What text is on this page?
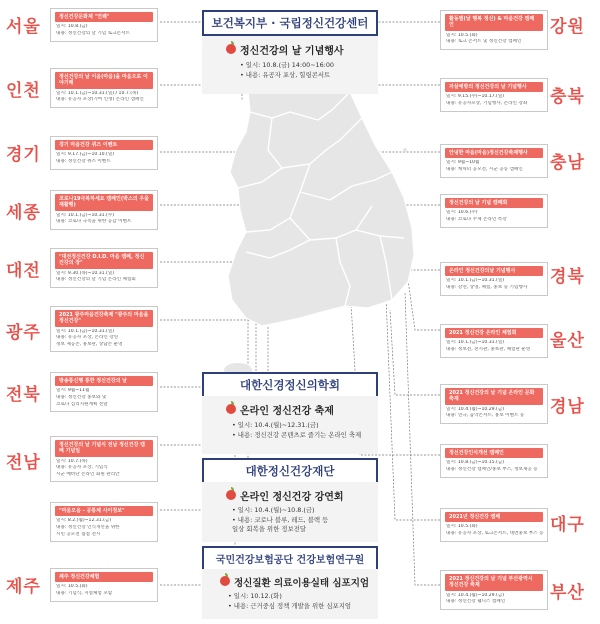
서울
인천
경기
세종
대전
광주
전북
전남
제주
강원
충북
충남
경북
울산
경남
대구
부산
정신건강문화제 "언쾌"
일시: 10.8.(금)
내용: 정신건강의 날 기념 토크콘서트
정신건강의 날 이음(마음)을 마음으로 이야기해
일시: 10.1.(금)~10.31.(일) / 10.7.(목)
내용: 유공자 포상(기여 인정) 온라인 캠페인
경기 마음건강 퀴즈 이벤트
일시: 9.17.(금)~10.10.(일)
내용: 정신건강 퀴즈 이벤트
코로나19극복하세요 캠페인(박스의 우울재활행)
일시: 10.1.(금)~10.31.(수)
내용: 코로나 극복을 위한 공감 이벤트
"대전정신건강 D.I.D. 마음 캠페, 정신건강의 장"
일시: 9.30.(목)~10.31.(일)
내용: 정신건강의 날 기념 온라인 체험회
2021 광주마음건강축제 "광주의 마음을 정신건강"
일시: 10.1.(금)~10.31.(일)
내용: 유공자 포상, 온라인 강연
정보 제공존, 홍보관, 상담존 운영
방송통신행 통한 정신건강의 날
일시: 9월~11월
내용: 정신건강 홍보와 및
코로나 심리지원계획 전달
정신건강의 날 기념식 전남 정신건강 캠페 기념일
일시: 10.7.(목)
내용: 유공자 포상, 기념식
시군 예비단 온라인 회원 관리안
"마음모음 - 공통체 사이정보"
일시: 8.2.(월)~12.31.(금)
내용: 정신건강 인식개선을 위한
시민 공모전 접점 전시
제주 정신건강체험
일시: 10.5.(화)
내용: 기념식, 지설체험 포함
활동별(날 행복 정신) & 마음건강 캠페인
일시: 10.5.(화)
내용: 토크 콘서트 및 정신건강 캠페인
자살예방의 정신건강의 날 기념행사
일시: 9.15.(수)~10.17.(일)
내용: 유공자포상, 기념행사, 온라인 강좌
안녕한 마음(마음)정신건강축제행사
일시: 9월~10월
내용: 캐릭터 공모전, 시군 공동 캠페인
정신건강의 날 기념 캠페회
일시: 10.6.(수)
내용: 코로나 주제 온라인 특강
온라인 정신건강의날 기념행사
일시: 10.1.(금)~10.31.(일)
내용: 강연, 상영, 체험, 홍보 등 기념행사
2021 정신건강 온라인 체험회
일시: 10.1.(금)~10.31.(일)
내용: 정보전, 전시관, 홍보관, 체험관 운영
2021 정신건강의 날 기념 온라인 문화축제
일시: 10.4.(월)~10.29.(금)
내용: 연극, 음악콘서트, 홍보 이벤트 등
정신건강인식개선 캠페인
일시: 10.8.(금)~10.15.(금)
내용: 정신건강 캠페인/홍보 부스, 정보제공 등
2021년 정신건강 캠페
일시: 10.5.(화)
내용: 유공자 포상, 토크콘서트, 대면홍보 부스 등
2021 정신건강의 날 기념 부산광역시 정신건강 축제
일시: 10.4.(월)~10.29.(금)
내용: 정신건강 웰니스 캠페인
보건복지부 · 국립정신건강센터
정신건강의 날 기념행사
• 일시: 10.8.(금) 14:00~16:00
• 내용: 유공자 포상, 힐링콘서트
대한신경정신의학회
온라인 정신건강 축제
• 일시: 10.4.(월)~12.31.(금)
• 내용: 정신건강 콘텐츠로 즐기는 온라인 축제
대한정신건강재단
온라인 정신건강 강연회
• 일시: 10.4.(월)~10.8.(금)
• 내용: 코로나 블루, 레드, 블랙 등
일상 회복을 위한 정보전달
국민건강보험공단 건강보험연구원
정신질환 의료이용실태 심포지엄
• 일시: 10.12.(화)
• 내용: 근거중심 정책 개발을 위한 심포지엄
